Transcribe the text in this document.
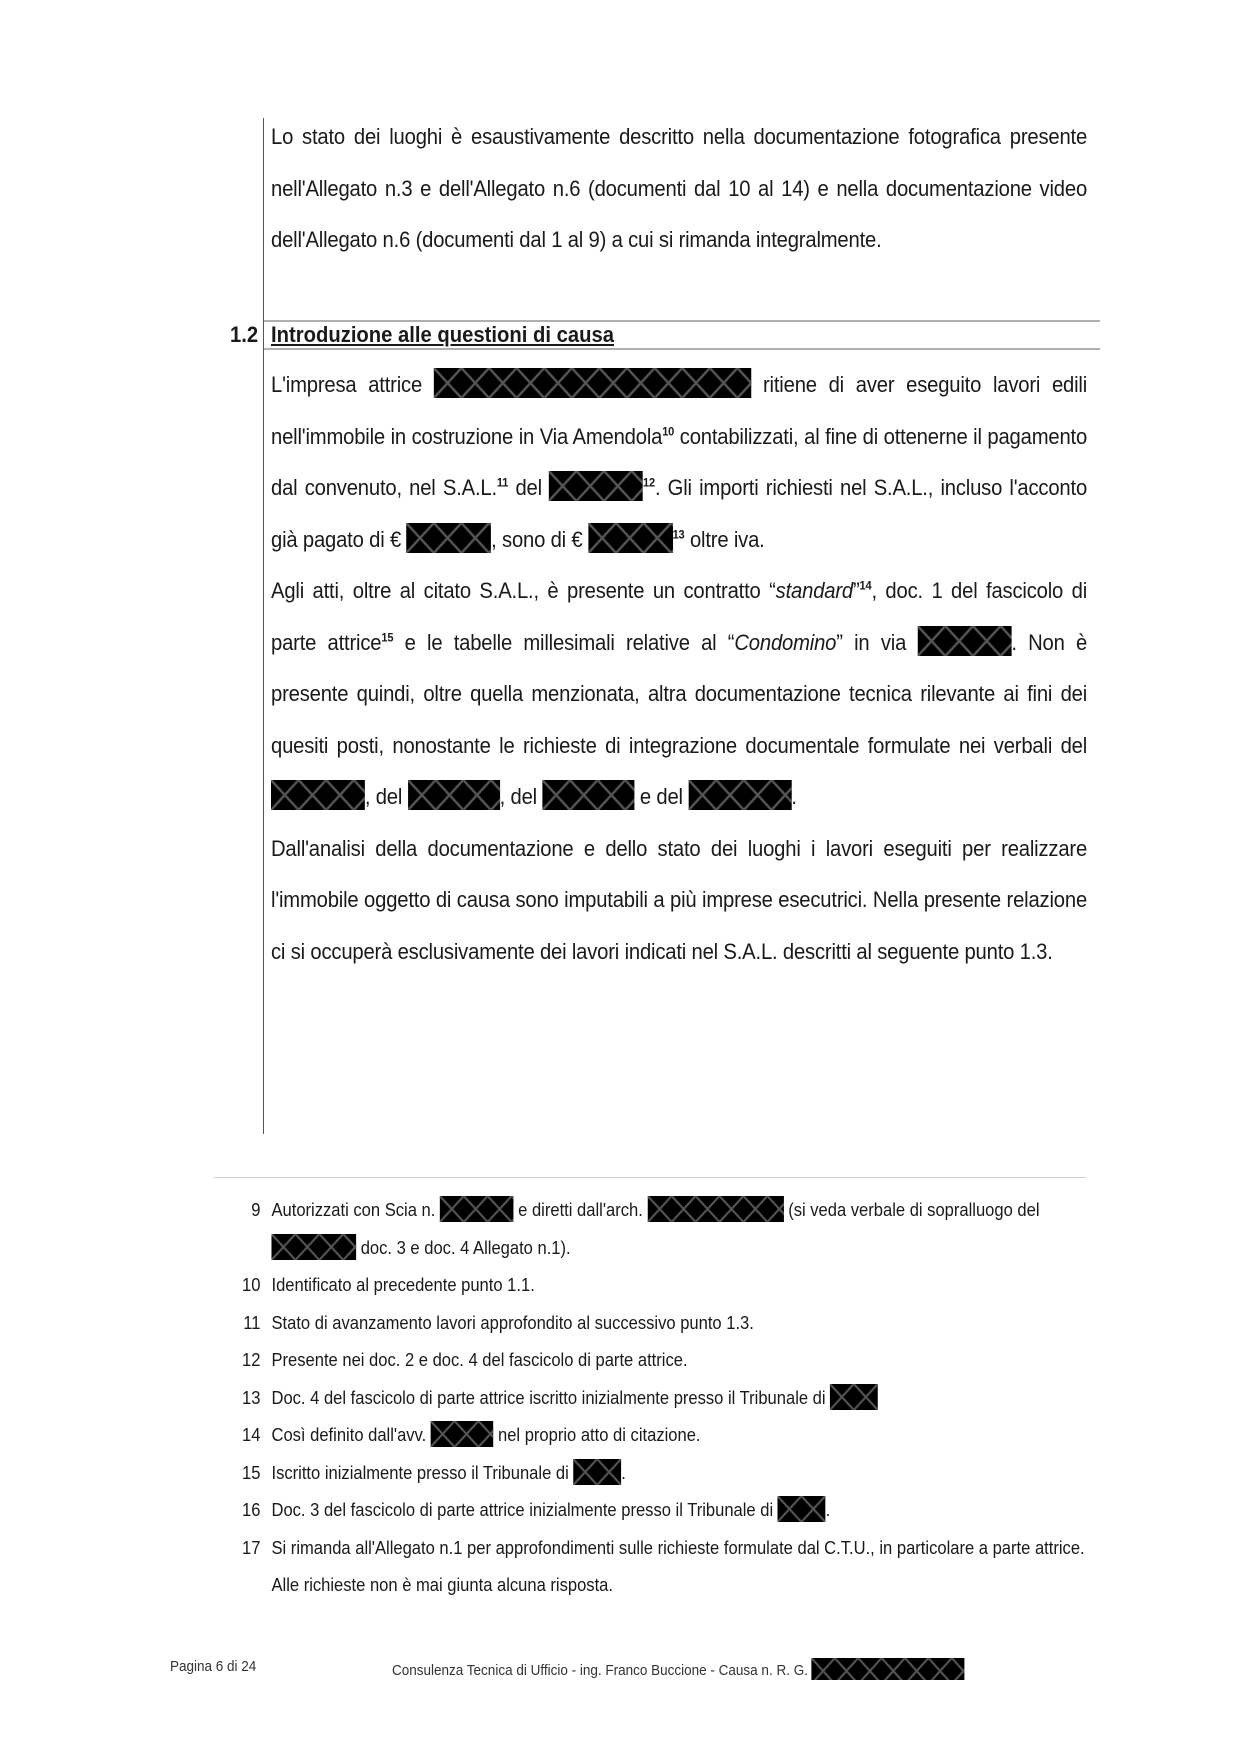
Lo stato dei luoghi è esaustivamente descritto nella documentazione fotografica presente nell'Allegato n.3 e dell'Allegato n.6 (documenti dal 10 al 14) e nella documentazione video dell'Allegato n.6 (documenti dal 1 al 9) a cui si rimanda integralmente.

1.2 Introduzione alle questioni di causa

L'impresa attrice	ritiene di aver eseguito lavori edili nell'immobile in costruzione in Via Amendola$^{10}$ contabilizzati, al fine di ottenerne il pagamento dal convenuto, nel S.A.L.$^{11}$ del	$^{12}$. Gli importi richiesti nel S.A.L., incluso l'acconto già pagato di €	, sono di €	$^{13}$ oltre iva.

Agli atti, oltre al citato S.A.L., è presente un contratto “standard”$^{14}$, doc. 1 del fascicolo di parte attrice$^{15}$ e le tabelle millesimali relative al “Condomino” in via	. Non è presente quindi, oltre quella menzionata, altra documentazione tecnica rilevante ai fini dei quesiti posti, nonostante le richieste di integrazione documentale formulate nei verbali del , del	, del	e del	.

Dall'analisi della documentazione e dello stato dei luoghi i lavori eseguiti per realizzare l'immobile oggetto di causa sono imputabili a più imprese esecutrici. Nella presente relazione ci si occuperà esclusivamente dei lavori indicati nel S.A.L. descritti al seguente punto 1.3.

9 Autorizzati con Scia n.	e diretti dall'arch.	(si veda verbale di sopralluogo del  doc. 3 e doc. 4 Allegato n.1).
10 Identificato al precedente punto 1.1.
11 Stato di avanzamento lavori approfondito al successivo punto 1.3.
12 Presente nei doc. 2 e doc. 4 del fascicolo di parte attrice.
13 Doc. 4 del fascicolo di parte attrice iscritto inizialmente presso il Tribunale di
14 Così definito dall'avv.	nel proprio atto di citazione.
15 Iscritto inizialmente presso il Tribunale di	.
16 Doc. 3 del fascicolo di parte attrice inizialmente presso il Tribunale di	.
17 Si rimanda all'Allegato n.1 per approfondimenti sulle richieste formulate dal C.T.U., in particolare a parte attrice. Alle richieste non è mai giunta alcuna risposta.
Pagina 6 di 24	Consulenza Tecnica di Ufficio - ing. Franco Buccione - Causa n. R. G.
